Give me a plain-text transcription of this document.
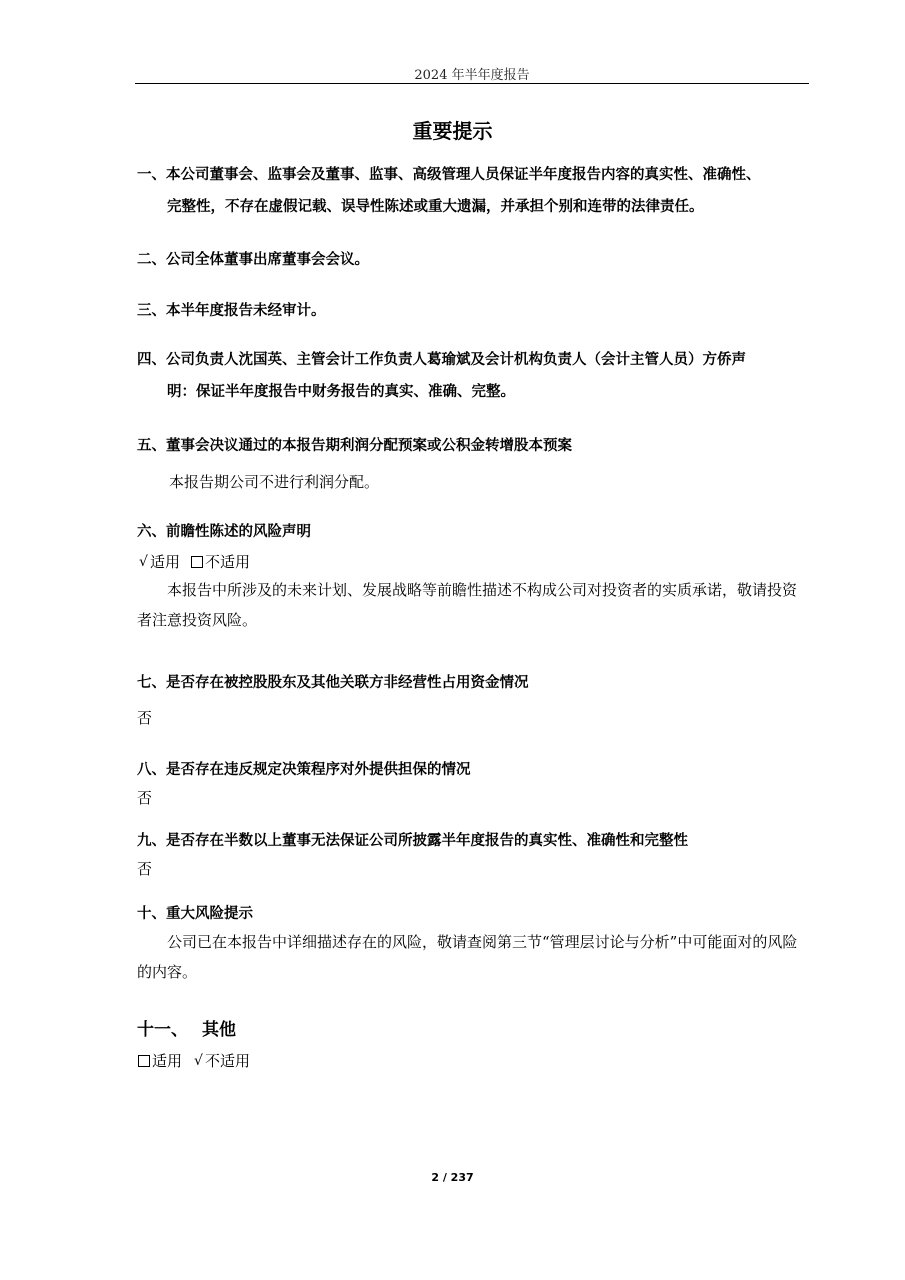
2024 年半年度报告
重要提示
一、本公司董事会、监事会及董事、监事、高级管理人员保证半年度报告内容的真实性、准确性、
完整性，不存在虚假记载、误导性陈述或重大遗漏，并承担个别和连带的法律责任。
二、公司全体董事出席董事会会议。
三、本半年度报告未经审计。
四、公司负责人沈国英、主管会计工作负责人葛瑜斌及会计机构负责人（会计主管人员）方侨声
明：保证半年度报告中财务报告的真实、准确、完整。
五、董事会决议通过的本报告期利润分配预案或公积金转增股本预案
本报告期公司不进行利润分配。
六、前瞻性陈述的风险声明
√ 适用 不适用
本报告中所涉及的未来计划、发展战略等前瞻性描述不构成公司对投资者的实质承诺，敬请投资者注意投资风险。
七、是否存在被控股股东及其他关联方非经营性占用资金情况
否
八、是否存在违反规定决策程序对外提供担保的情况
否
九、是否存在半数以上董事无法保证公司所披露半年度报告的真实性、准确性和完整性
否
十、重大风险提示
公司已在本报告中详细描述存在的风险，敬请查阅第三节“管理层讨论与分析”中可能面对的风险的内容。
十一、 其他
适用 √ 不适用
2 / 237
